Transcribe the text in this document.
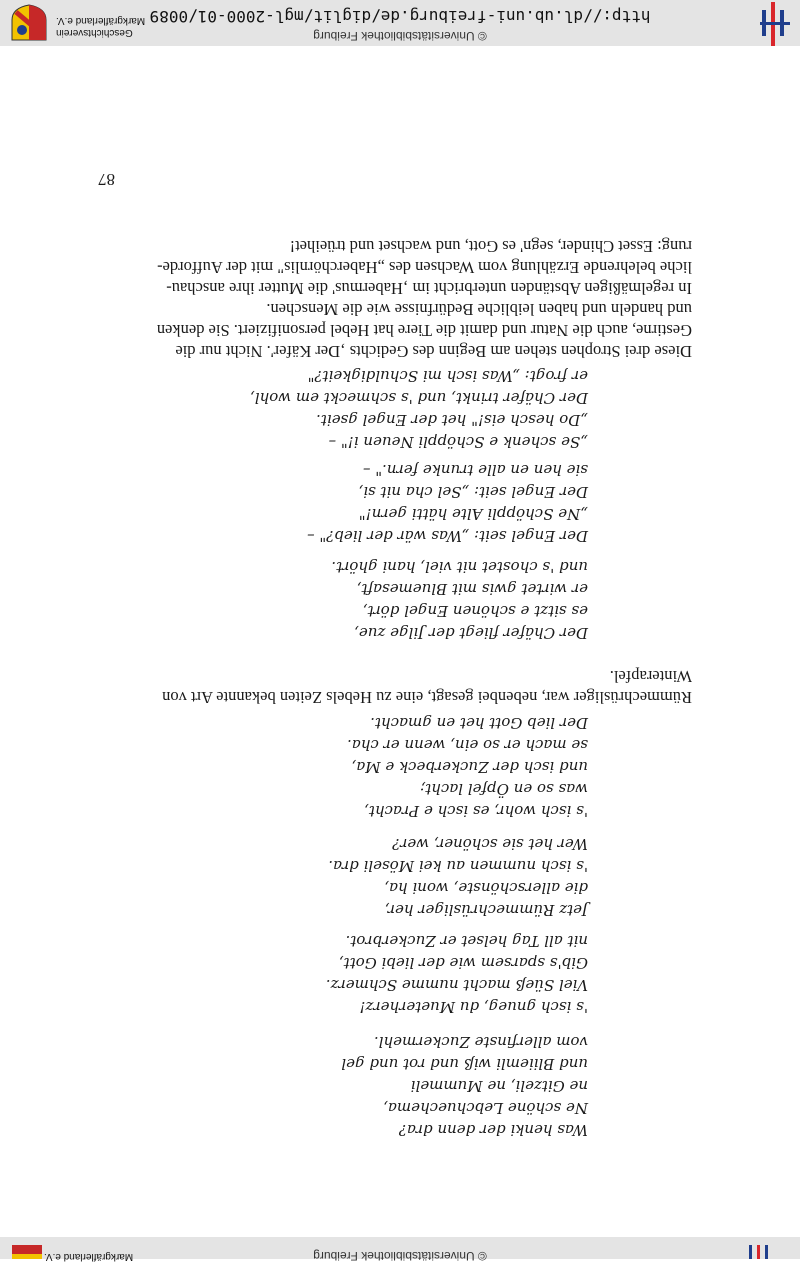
© Universitätsbibliothek Freiburg
Markgräflerland e.V.
87
Was henki der denn dra?
Ne schöne Lebchuechema,
ne Gitzeli, ne Mummeli
und Bliiemli wiß und rot und gel
vom allerfinste Zuckermehl.
's isch gnueg, du Mueterherz!
Viel Süeß macht numme Schmerz.
Gib's sparsem wie der liebi Gott,
nit all Tag helset er Zuckerbrot.
Jetz Rümmechrüsliger her,
die allerschönste, woni ha,
's isch nummen au kei Möseli dra.
Wer het sie schöner, wer?
's isch wohr, es isch e Pracht,
was so en Öpfel lacht;
und isch der Zuckerbeck e Ma,
se mach er so ein, wenn er cha.
Der lieb Gott het en gmacht.
Rümmechrüsliger war, nebenbei gesagt, eine zu Hebels Zeiten bekannte Art von
Winterapfel.
Der Chäfer fliegt der Jilge zue,
es sitzt e schönen Engel dört,
er wirtet gwis mit Bluemesaft,
und 's chostet nit viel, hani ghört.
Der Engel seit: „Was wär der lieb?" –
„Ne Schöppli Alte hätti gern!"
Der Engel seit: „Sel cha nit si,
sie hen en alle trunke fern." –
„Se schenk e Schöppli Neuen i!" –
„Do hesch eis!" het der Engel gseit.
Der Chäfer trinkt, und 's schmeckt em wohl,
er frogt: „Was isch mi Schuldigkeit?"
Diese drei Strophen stehen am Beginn des Gedichts ‚Der Käfer'. Nicht nur die
Gestirne, auch die Natur und damit die Tiere hat Hebel personifiziert. Sie denken
und handeln und haben leibliche Bedürfnisse wie die Menschen.
In regelmäßigen Abständen unterbricht im ‚Habermus' die Mutter ihre anschau-
liche belehrende Erzählung vom Wachsen des „Haberchörnlis" mit der Aufforde-
rung: Esset Chinder, segn' es Gott, und wachset und trüeihet!
© Universitätsbibliothek Freiburg
http://dl.ub.uni-freiburg.de/diglit/mgl-2000-01/0089
Geschichtsverein
Markgräflerland e.V.
